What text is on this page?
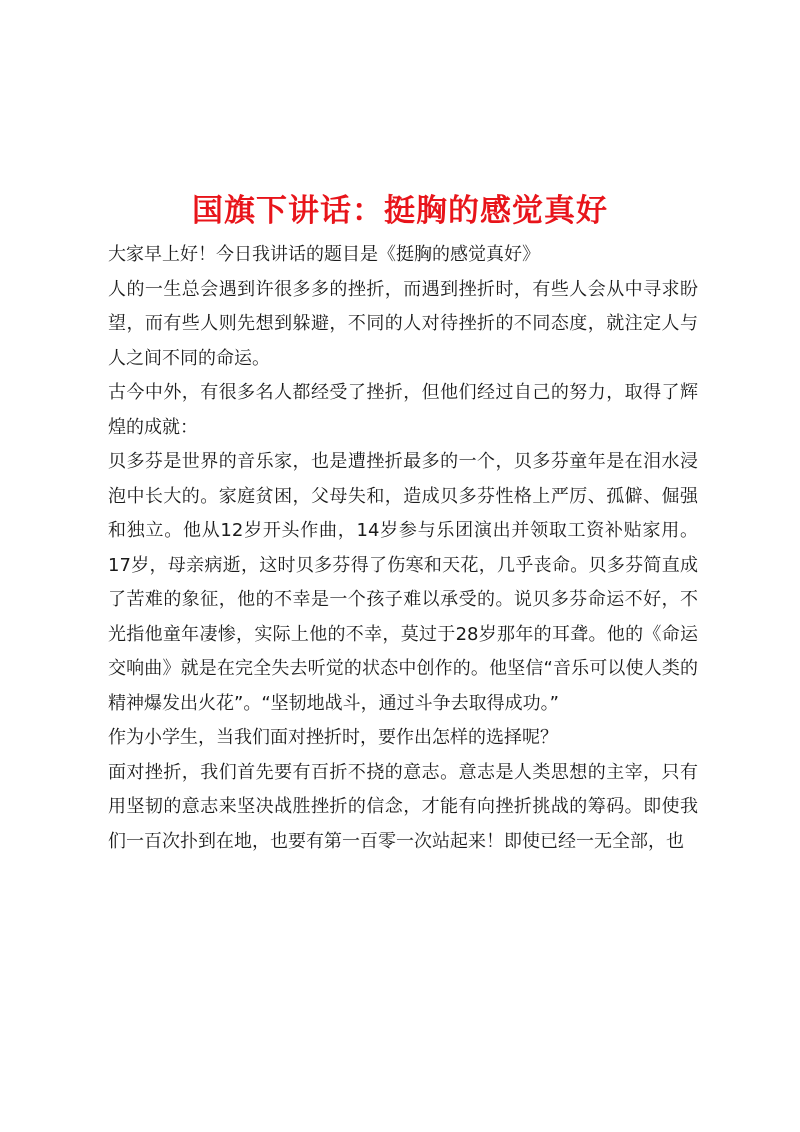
国旗下讲话：挺胸的感觉真好

大家早上好！今日我讲话的题目是《挺胸的感觉真好》

人的一生总会遇到许很多多的挫折，而遇到挫折时，有些人会从中寻求盼望，而有些人则先想到躲避，不同的人对待挫折的不同态度，就注定人与人之间不同的命运。

古今中外，有很多名人都经受了挫折，但他们经过自己的努力，取得了辉煌的成就：

贝多芬是世界的音乐家，也是遭挫折最多的一个，贝多芬童年是在泪水浸泡中长大的。家庭贫困，父母失和，造成贝多芬性格上严厉、孤僻、倔强和独立。他从12岁开头作曲，14岁参与乐团演出并领取工资补贴家用。17岁，母亲病逝，这时贝多芬得了伤寒和天花，几乎丧命。贝多芬简直成了苦难的象征，他的不幸是一个孩子难以承受的。说贝多芬命运不好，不光指他童年凄惨，实际上他的不幸，莫过于28岁那年的耳聋。他的《命运交响曲》就是在完全失去听觉的状态中创作的。他坚信“音乐可以使人类的精神爆发出火花”。“坚韧地战斗，通过斗争去取得成功。”

作为小学生，当我们面对挫折时，要作出怎样的选择呢？

面对挫折，我们首先要有百折不挠的意志。意志是人类思想的主宰，只有用坚韧的意志来坚决战胜挫折的信念，才能有向挫折挑战的筹码。即使我们一百次扑到在地，也要有第一百零一次站起来！即使已经一无全部，也
